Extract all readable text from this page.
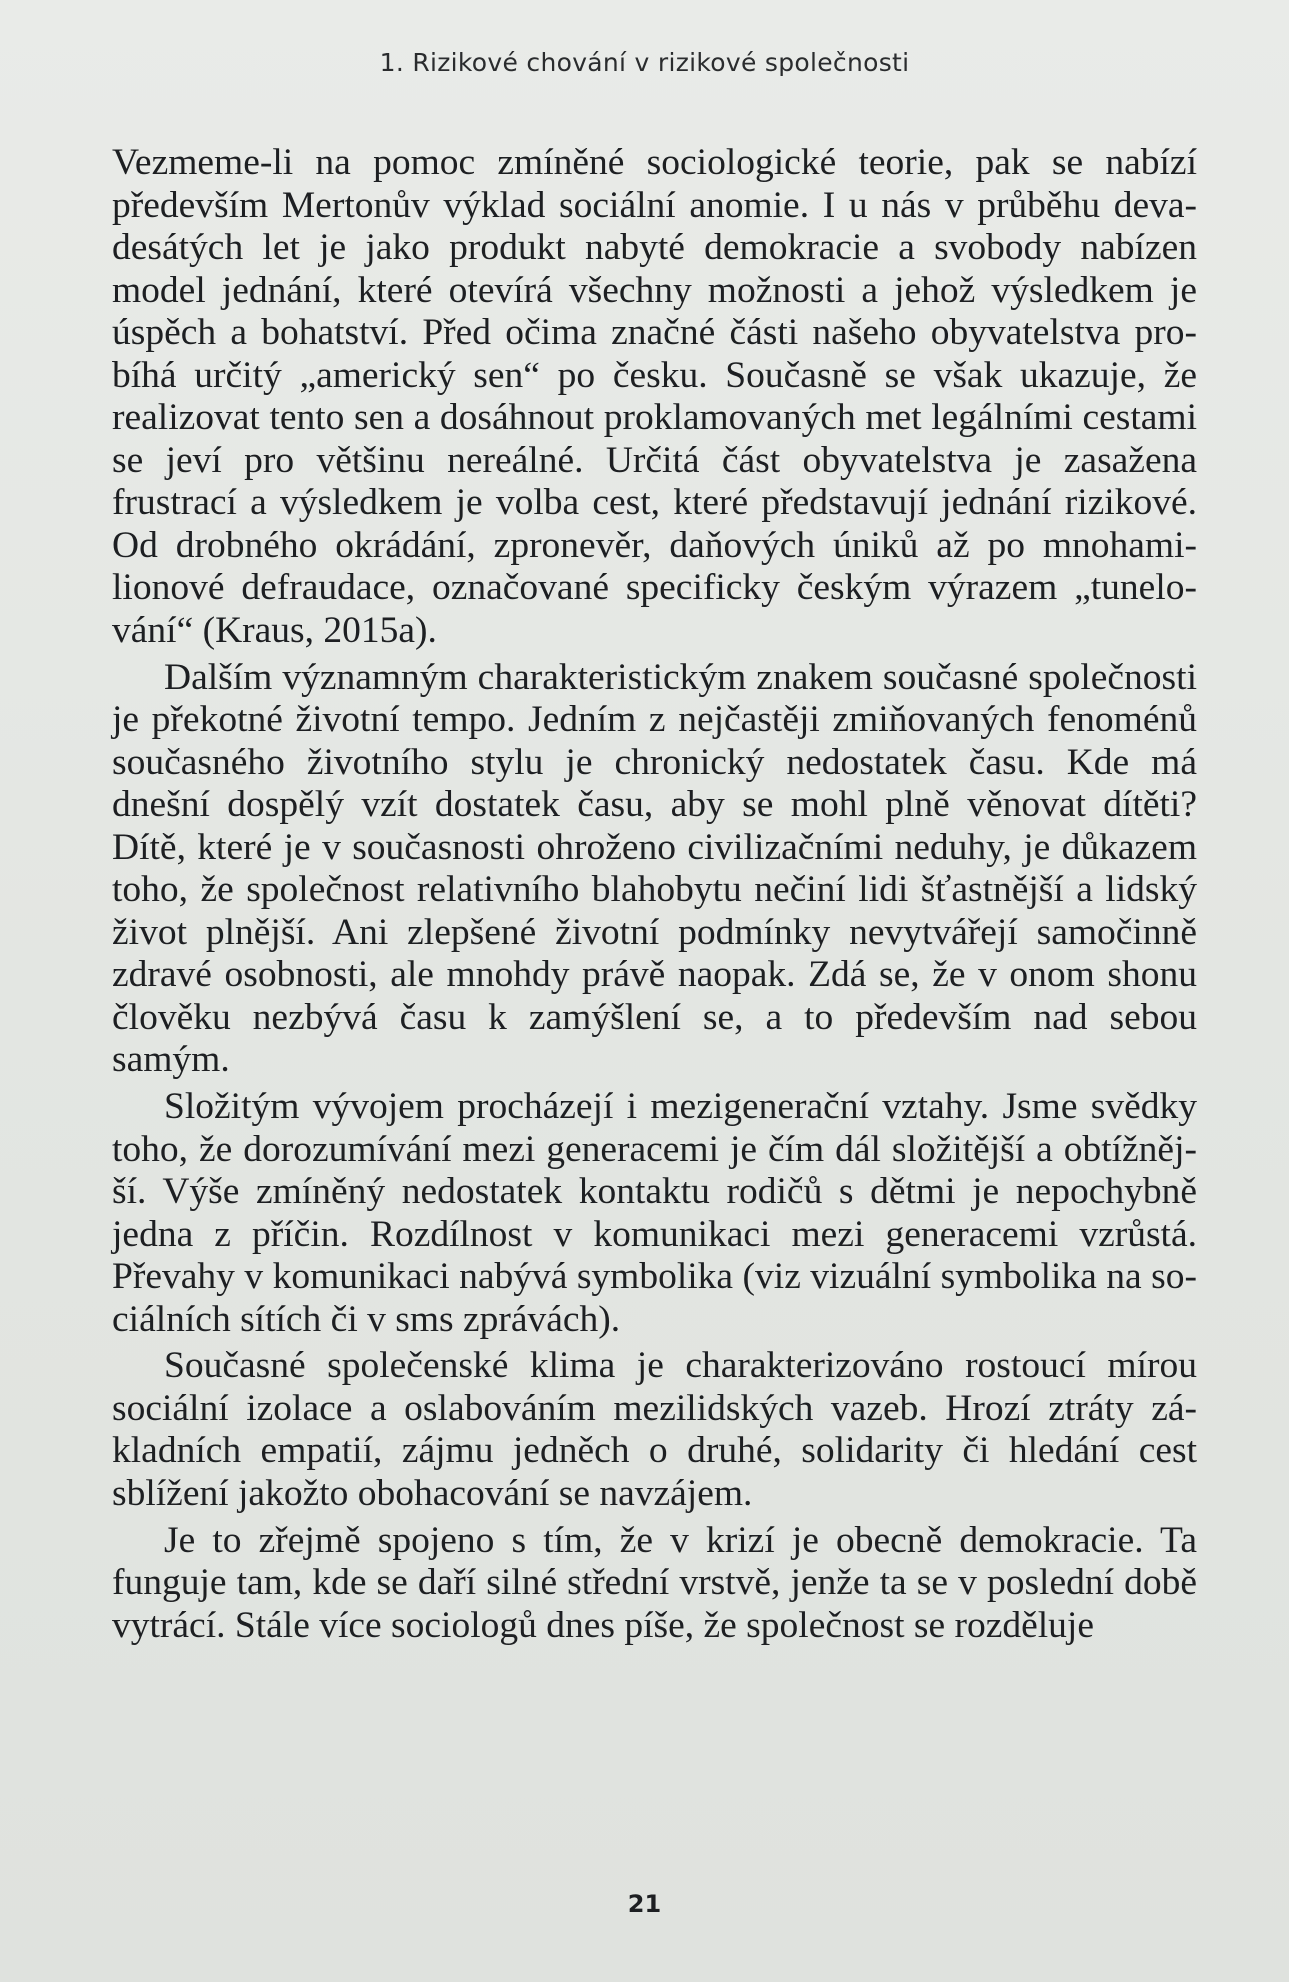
1. Rizikové chování v rizikové společnosti

Vezmeme-li na pomoc zmíněné sociologické teorie, pak se nabízí především Mertonův výklad sociální anomie. I u nás v průběhu devadesátých let je jako produkt nabyté demokracie a svobody nabízen model jednání, které otevírá všechny možnosti a jehož výsledkem je úspěch a bohatství. Před očima značné části našeho obyvatelstva probíhá určitý „americký sen“ po česku. Současně se však ukazuje, že realizovat tento sen a dosáhnout proklamovaných met legálními cestami se jeví pro většinu nereálné. Určitá část obyvatelstva je zasažena frustrací a výsledkem je volba cest, které představují jednání rizikové. Od drobného okrádání, zpronevěr, daňových úniků až po mnohamilionové defraudace, označované specificky českým výrazem „tunelování“ (Kraus, 2015a).

Dalším významným charakteristickým znakem současné společnosti je překotné životní tempo. Jedním z nejčastěji zmiňovaných fenoménů současného životního stylu je chronický nedostatek času. Kde má dnešní dospělý vzít dostatek času, aby se mohl plně věnovat dítěti? Dítě, které je v současnosti ohroženo civilizačními neduhy, je důkazem toho, že společnost relativního blahobytu nečiní lidi šťastnější a lidský život plnější. Ani zlepšené životní podmínky nevytvářejí samočinně zdravé osobnosti, ale mnohdy právě naopak. Zdá se, že v onom shonu člověku nezbývá času k zamýšlení se, a to především nad sebou samým.

Složitým vývojem procházejí i mezigenerační vztahy. Jsme svědky toho, že dorozumívání mezi generacemi je čím dál složitější a obtížnější. Výše zmíněný nedostatek kontaktu rodičů s dětmi je nepochybně jedna z příčin. Rozdílnost v komunikaci mezi generacemi vzrůstá. Převahy v komunikaci nabývá symbolika (viz vizuální symbolika na sociálních sítích či v sms zprávách).

Současné společenské klima je charakterizováno rostoucí mírou sociální izolace a oslabováním mezilidských vazeb. Hrozí ztráty základních empatií, zájmu jedněch o druhé, solidarity či hledání cest sblížení jakožto obohacování se navzájem.

Je to zřejmě spojeno s tím, že v krizí je obecně demokracie. Ta funguje tam, kde se daří silné střední vrstvě, jenže ta se v poslední době vytrácí. Stále více sociologů dnes píše, že společnost se rozděluje

21
